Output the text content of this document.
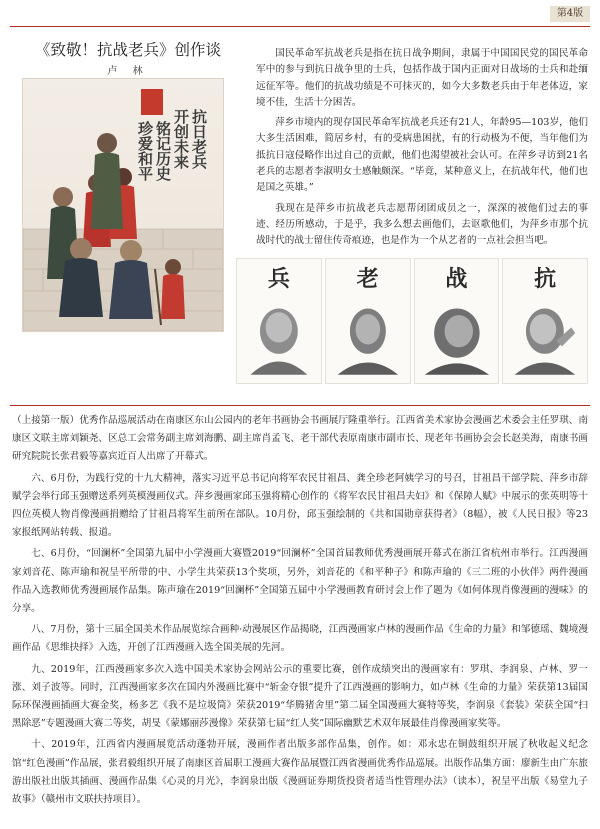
第4版
《致敬！抗战老兵》创作谈
卢 林
抗日老兵
开创未来
铭记历史
珍爱和平

国民革命军抗战老兵是指在抗日战争期间，隶属于中国国民党的国民革命军中的参与到抗日战争里的士兵，包括作战于国内正面对日战场的士兵和赴缅远征军等。他们的抗战功绩是不可抹灭的，如今大多数老兵由于年老体迈，家境不佳，生活十分困苦。

萍乡市境内的现存国民革命军抗战老兵还有21人，年龄95—103岁，他们大多生活困难，简居乡村，有的受病患困扰，有的行动极为不便，当年他们为抵抗日寇侵略作出过自己的贡献，他们也渴望被社会认可。在萍乡寻访到21名老兵的志愿者李淑明女士感触颇深。“毕竟，某种意义上，在抗战年代，他们也是国之英雄。”

我现在是萍乡市抗战老兵志愿帮闭团成员之一，深深的被他们过去的事迹、经历所感动，于是乎，我多么想去画他们，去讴歌他们，为萍乡市那个抗战时代的战士留住传奇痕迹，也是作为一个从艺者的一点社会担当吧。

兵	老	战	抗

（上接第一版）优秀作品巡展活动在南康区东山公园内的老年书画协会书画展厅隆重举行。江西省美术家协会漫画艺术委会主任罗琪、南康区文联主席刘颖尧、区总工会常务副主席刘海鹏、副主席肖孟飞、老干部代表原南康市副市长、现老年书画协会会长赵美海，南康书画研究院院长张君毅等嘉宾近百人出席了开幕式。

六、6月份，为践行党的十九大精神，落实习近平总书记向将军农民甘祖昌、龚全珍老阿姨学习的号召，甘祖昌干部学院、萍乡市辞赋学会举行邱玉强赠送系列英模漫画仪式。萍乡漫画家邱玉强将精心创作的《将军农民甘祖昌夫妇》和《保障人赋》中展示的张英明等十四位英模人物肖像漫画捐赠给了甘祖昌将军生前所在部队。10月份，邱玉强绘制的《共和国勋章获得者》（8幅），被《人民日报》等23家报纸网站转载、报道。

七、6月份，“回澜杯”全国第九届中小学漫画大赛暨2019“回澜杯”全国首届教师优秀漫画展开幕式在浙江省杭州市举行。江西漫画家刘音花、陈声瑜和祝呈平所带的中、小学生共荣获13个奖项，另外，刘音花的《和平种子》和陈声瑜的《三二班的小伙伴》两件漫画作品入选教师优秀漫画展作品集。陈声瑜在2019“回澜杯”全国第五届中小学漫画教育研讨会上作了题为《如何体现肖像漫画的漫味》的分享。

八、7月份，第十三届全国美术作品展览综合画种·动漫展区作品揭晓，江西漫画家卢林的漫画作品《生命的力量》和邹德瑶、魏境漫画作品《思维抉择》入选，开创了江西漫画入选全国美展的先河。

九、2019年，江西漫画家多次入选中国美术家协会网站公示的重要比赛，创作成绩突出的漫画家有：罗琪、李润泉、卢林、罗一涨、刘子波等。同时，江西漫画家多次在国内外漫画比赛中“斩金夺银”提升了江西漫画的影响力，如卢林《生命的力量》荣获第13届国际环保漫画插画大赛金奖，杨多艺《我不是垃圾筒》荣获2019“华腾猪舍里”第二届全国漫画大赛特等奖，李润泉《套装》荣获全国“扫黑除恶”专题漫画大赛二等奖，胡旻《蒙娜丽莎漫像》荣获第七届“红人奖”国际幽默艺术双年展最佳肖像漫画家奖等。

十、2019年，江西省内漫画展览活动蓬勃开展，漫画作者出版多部作品集，创作。如：邓永忠在铜鼓组织开展了秋收起义纪念馆“红色漫画”作品展，张君毅组织开展了南康区首届职工漫画大赛作品展暨江西省漫画优秀作品巡展。出版作品集方面：廖新生由广东旅游出版社出版其插画、漫画作品集《心灵的月光》，李润泉出版《漫画证券期货投资者适当性管理办法》（读本），祝呈平出版《易堂九子故事》（赣州市文联扶持项目）。
